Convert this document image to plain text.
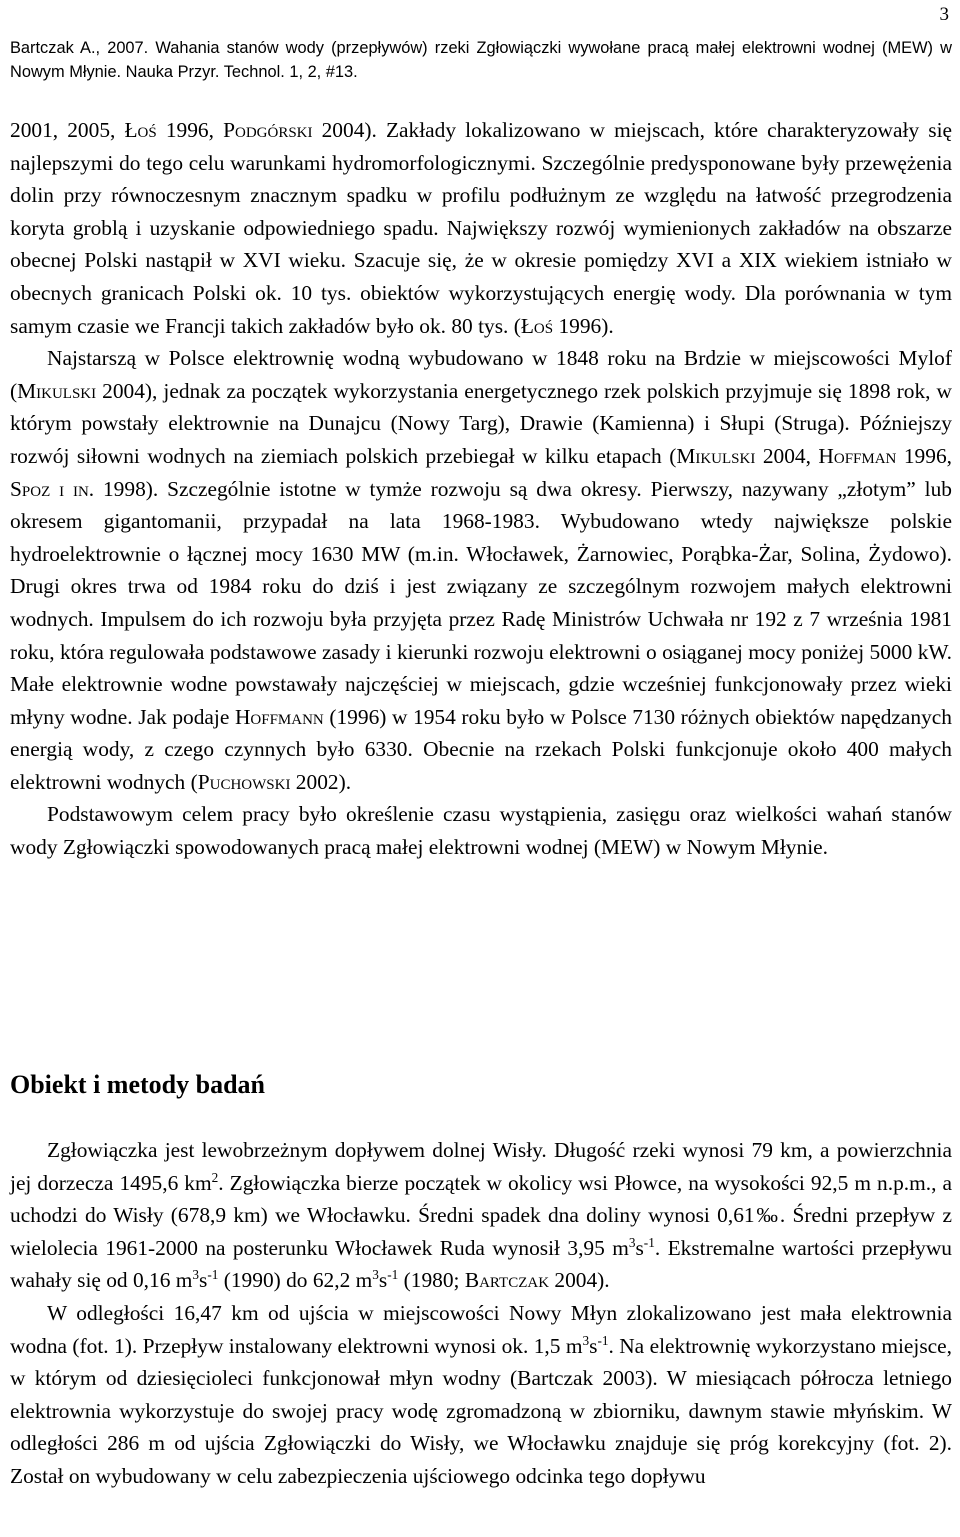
3
Bartczak A., 2007. Wahania stanów wody (przepływów) rzeki Zgłowiączki wywołane pracą małej elektrowni wodnej (MEW) w Nowym Młynie. Nauka Przyr. Technol. 1, 2, #13.

2001, 2005, Łoś 1996, Podgórski 2004). Zakłady lokalizowano w miejscach, które charakteryzowały się najlepszymi do tego celu warunkami hydromorfologicznymi. Szczególnie predysponowane były przewężenia dolin przy równoczesnym znacznym spadku w profilu podłużnym ze względu na łatwość przegrodzenia koryta groblą i uzyskanie odpowiedniego spadu. Największy rozwój wymienionych zakładów na obszarze obecnej Polski nastąpił w XVI wieku. Szacuje się, że w okresie pomiędzy XVI a XIX wiekiem istniało w obecnych granicach Polski ok. 10 tys. obiektów wykorzystujących energię wody. Dla porównania w tym samym czasie we Francji takich zakładów było ok. 80 tys. (Łoś 1996).

Najstarszą w Polsce elektrownię wodną wybudowano w 1848 roku na Brdzie w miejscowości Mylof (Mikulski 2004), jednak za początek wykorzystania energetycznego rzek polskich przyjmuje się 1898 rok, w którym powstały elektrownie na Dunajcu (Nowy Targ), Drawie (Kamienna) i Słupi (Struga). Późniejszy rozwój siłowni wodnych na ziemiach polskich przebiegał w kilku etapach (Mikulski 2004, Hoffman 1996, Spoz i in. 1998). Szczególnie istotne w tymże rozwoju są dwa okresy. Pierwszy, nazywany „złotym” lub okresem gigantomanii, przypadał na lata 1968-1983. Wybudowano wtedy największe polskie hydroelektrownie o łącznej mocy 1630 MW (m.in. Włocławek, Żarnowiec, Porąbka-Żar, Solina, Żydowo). Drugi okres trwa od 1984 roku do dziś i jest związany ze szczególnym rozwojem małych elektrowni wodnych. Impulsem do ich rozwoju była przyjęta przez Radę Ministrów Uchwała nr 192 z 7 września 1981 roku, która regulowała podstawowe zasady i kierunki rozwoju elektrowni o osiąganej mocy poniżej 5000 kW. Małe elektrownie wodne powstawały najczęściej w miejscach, gdzie wcześniej funkcjonowały przez wieki młyny wodne. Jak podaje Hoffmann (1996) w 1954 roku było w Polsce 7130 różnych obiektów napędzanych energią wody, z czego czynnych było 6330. Obecnie na rzekach Polski funkcjonuje około 400 małych elektrowni wodnych (Puchowski 2002).

Podstawowym celem pracy było określenie czasu wystąpienia, zasięgu oraz wielkości wahań stanów wody Zgłowiączki spowodowanych pracą małej elektrowni wodnej (MEW) w Nowym Młynie.

Obiekt i metody badań

Zgłowiączka jest lewobrzeżnym dopływem dolnej Wisły. Długość rzeki wynosi 79 km, a powierzchnia jej dorzecza 1495,6 $km^2$. Zgłowiączka bierze początek w okolicy wsi Płowce, na wysokości 92,5 m n.p.m., a uchodzi do Wisły (678,9 km) we Włocławku. Średni spadek dna doliny wynosi 0,61‰. Średni przepływ z wielolecia 1961-2000 na posterunku Włocławek Ruda wynosił 3,95 $m^3s^{-1}$. Ekstremalne wartości przepływu wahały się od 0,16 $m^3s^{-1}$ (1990) do 62,2 $m^3s^{-1}$ (1980; Bartczak 2004).

W odległości 16,47 km od ujścia w miejscowości Nowy Młyn zlokalizowano jest mała elektrownia wodna (fot. 1). Przepływ instalowany elektrowni wynosi ok. 1,5 $m^3s^{-1}$. Na elektrownię wykorzystano miejsce, w którym od dziesięcioleci funkcjonował młyn wodny (Bartczak 2003). W miesiącach półrocza letniego elektrownia wykorzystuje do swojej pracy wodę zgromadzoną w zbiorniku, dawnym stawie młyńskim. W odległości 286 m od ujścia Zgłowiączki do Wisły, we Włocławku znajduje się próg korekcyjny (fot. 2). Został on wybudowany w celu zabezpieczenia ujściowego odcinka tego dopływu
